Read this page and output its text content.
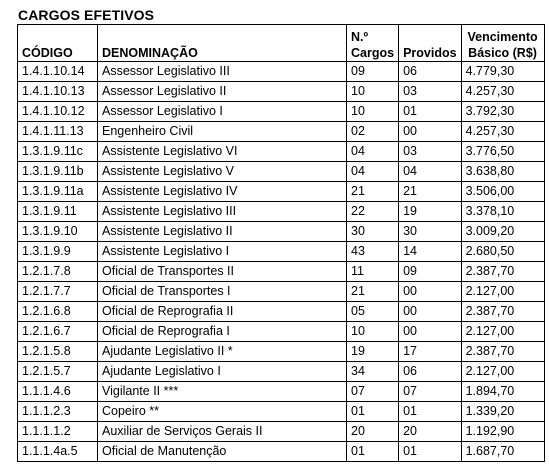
CARGOS EFETIVOS
CÓDIGO	DENOMINAÇÃO	N.º Cargos	Providos	Vencimento Básico (R$)
1.4.1.10.14	Assessor Legislativo III	09	06	4.779,30
1.4.1.10.13	Assessor Legislativo II	10	03	4.257,30
1.4.1.10.12	Assessor Legislativo I	10	01	3.792,30
1.4.1.11.13	Engenheiro Civil	02	00	4.257,30
1.3.1.9.11c	Assistente Legislativo VI	04	03	3.776,50
1.3.1.9.11b	Assistente Legislativo V	04	04	3.638,80
1.3.1.9.11a	Assistente Legislativo IV	21	21	3.506,00
1.3.1.9.11	Assistente Legislativo III	22	19	3.378,10
1.3.1.9.10	Assistente Legislativo II	30	30	3.009,20
1.3.1.9.9	Assistente Legislativo I	43	14	2.680,50
1.2.1.7.8	Oficial de Transportes II	11	09	2.387,70
1.2.1.7.7	Oficial de Transportes I	21	00	2.127,00
1.2.1.6.8	Oficial de Reprografia II	05	00	2.387,70
1.2.1.6.7	Oficial de Reprografia I	10	00	2.127,00
1.2.1.5.8	Ajudante Legislativo II *	19	17	2.387,70
1.2.1.5.7	Ajudante Legislativo I	34	06	2.127,00
1.1.1.4.6	Vigilante II ***	07	07	1.894,70
1.1.1.2.3	Copeiro **	01	01	1.339,20
1.1.1.1.2	Auxiliar de Serviços Gerais II	20	20	1.192,90
1.1.1.4a.5	Oficial de Manutenção	01	01	1.687,70
